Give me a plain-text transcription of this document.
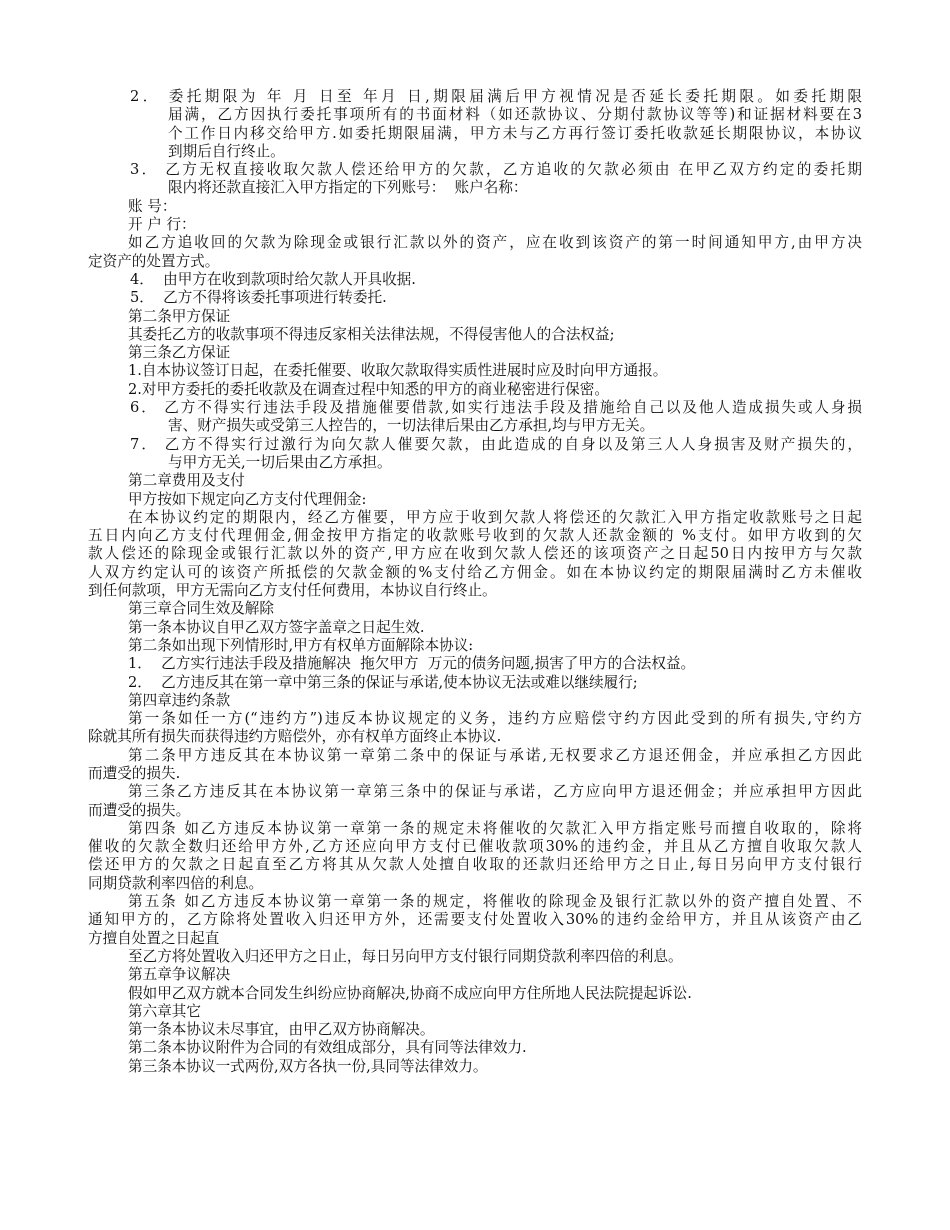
2． 委托期限为 年 月 日至 年月 日,期限届满后甲方视情况是否延长委托期限。如委托期限
届满，乙方因执行委托事项所有的书面材料（如还款协议、分期付款协议等等)和证据材料要在3
个工作日内移交给甲方.如委托期限届满，甲方未与乙方再行签订委托收款延长期限协议，本协议
到期后自行终止。
3． 乙方无权直接收取欠款人偿还给甲方的欠款，乙方追收的欠款必须由 在甲乙双方约定的委托期
限内将还款直接汇入甲方指定的下列账号：  账户名称：
账 号：
开 户 行：
如乙方追收回的欠款为除现金或银行汇款以外的资产，应在收到该资产的第一时间通知甲方,由甲方决
定资产的处置方式。
4．  由甲方在收到款项时给欠款人开具收据.
5．  乙方不得将该委托事项进行转委托.
第二条甲方保证
其委托乙方的收款事项不得违反家相关法律法规，不得侵害他人的合法权益;
第三条乙方保证
1.自本协议签订日起，在委托催要、收取欠款取得实质性进展时应及时向甲方通报。
2.对甲方委托的委托收款及在调查过程中知悉的甲方的商业秘密进行保密。
6． 乙方不得实行违法手段及措施催要借款,如实行违法手段及措施给自己以及他人造成损失或人身损
害、财产损失或受第三人控告的，一切法律后果由乙方承担,均与甲方无关。
7． 乙方不得实行过激行为向欠款人催要欠款，由此造成的自身以及第三人人身损害及财产损失的，
与甲方无关,一切后果由乙方承担。
第二章费用及支付
甲方按如下规定向乙方支付代理佣金:
在本协议约定的期限内，经乙方催要，甲方应于收到欠款人将偿还的欠款汇入甲方指定收款账号之日起
五日内向乙方支付代理佣金,佣金按甲方指定的收款账号收到的欠款人还款金额的 %支付。如甲方收到的欠
款人偿还的除现金或银行汇款以外的资产,甲方应在收到欠款人偿还的该项资产之日起50日内按甲方与欠款
人双方约定认可的该资产所抵偿的欠款金额的%支付给乙方佣金。如在本协议约定的期限届满时乙方未催收
到任何款项，甲方无需向乙方支付任何费用，本协议自行终止。
第三章合同生效及解除
第一条本协议自甲乙双方签字盖章之日起生效.
第二条如出现下列情形时,甲方有权单方面解除本协议:
1．  乙方实行违法手段及措施解决  拖欠甲方  万元的债务问题,损害了甲方的合法权益。
2．  乙方违反其在第一章中第三条的保证与承诺,使本协议无法或难以继续履行;
第四章违约条款
第一条如任一方(“违约方”)违反本协议规定的义务，违约方应赔偿守约方因此受到的所有损失,守约方
除就其所有损失而获得违约方赔偿外，亦有权单方面终止本协议.
第二条甲方违反其在本协议第一章第二条中的保证与承诺,无权要求乙方退还佣金，并应承担乙方因此
而遭受的损失.
第三条乙方违反其在本协议第一章第三条中的保证与承诺，乙方应向甲方退还佣金；并应承担甲方因此
而遭受的损失。
第四条 如乙方违反本协议第一章第一条的规定未将催收的欠款汇入甲方指定账号而擅自收取的，除将
催收的欠款全数归还给甲方外,乙方还应向甲方支付已催收款项30%的违约金，并且从乙方擅自收取欠款人
偿还甲方的欠款之日起直至乙方将其从欠款人处擅自收取的还款归还给甲方之日止,每日另向甲方支付银行
同期贷款利率四倍的利息。
第五条 如乙方违反本协议第一章第一条的规定，将催收的除现金及银行汇款以外的资产擅自处置、不
通知甲方的，乙方除将处置收入归还甲方外，还需要支付处置收入30%的违约金给甲方，并且从该资产由乙
方擅自处置之日起直
至乙方将处置收入归还甲方之日止，每日另向甲方支付银行同期贷款利率四倍的利息。
第五章争议解决
假如甲乙双方就本合同发生纠纷应协商解决,协商不成应向甲方住所地人民法院提起诉讼.
第六章其它
第一条本协议未尽事宜，由甲乙双方协商解决。
第二条本协议附件为合同的有效组成部分，具有同等法律效力.
第三条本协议一式两份,双方各执一份,具同等法律效力。
